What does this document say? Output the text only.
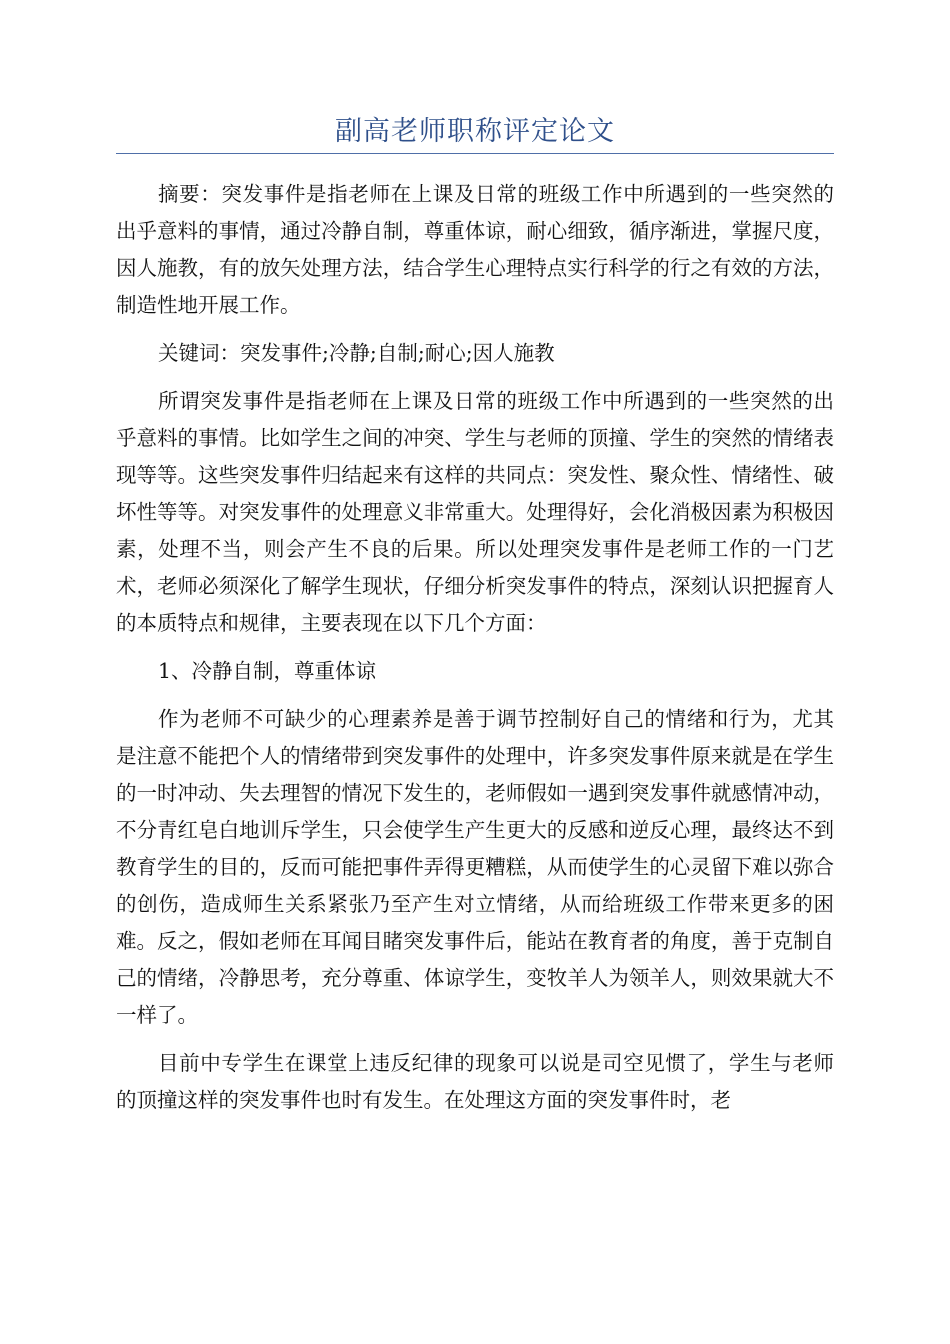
副高老师职称评定论文

摘要：突发事件是指老师在上课及日常的班级工作中所遇到的一些突然的出乎意料的事情，通过冷静自制，尊重体谅，耐心细致，循序渐进，掌握尺度，因人施教，有的放矢处理方法，结合学生心理特点实行科学的行之有效的方法，制造性地开展工作。

关键词：突发事件;冷静;自制;耐心;因人施教

所谓突发事件是指老师在上课及日常的班级工作中所遇到的一些突然的出乎意料的事情。比如学生之间的冲突、学生与老师的顶撞、学生的突然的情绪表现等等。这些突发事件归结起来有这样的共同点：突发性、聚众性、情绪性、破坏性等等。对突发事件的处理意义非常重大。处理得好，会化消极因素为积极因素，处理不当，则会产生不良的后果。所以处理突发事件是老师工作的一门艺术，老师必须深化了解学生现状，仔细分析突发事件的特点，深刻认识把握育人的本质特点和规律，主要表现在以下几个方面：

1、冷静自制，尊重体谅

作为老师不可缺少的心理素养是善于调节控制好自己的情绪和行为，尤其是注意不能把个人的情绪带到突发事件的处理中，许多突发事件原来就是在学生的一时冲动、失去理智的情况下发生的，老师假如一遇到突发事件就感情冲动，不分青红皂白地训斥学生，只会使学生产生更大的反感和逆反心理，最终达不到教育学生的目的，反而可能把事件弄得更糟糕，从而使学生的心灵留下难以弥合的创伤，造成师生关系紧张乃至产生对立情绪，从而给班级工作带来更多的困难。反之，假如老师在耳闻目睹突发事件后，能站在教育者的角度，善于克制自己的情绪，冷静思考，充分尊重、体谅学生，变牧羊人为领羊人，则效果就大不一样了。

目前中专学生在课堂上违反纪律的现象可以说是司空见惯了，学生与老师的顶撞这样的突发事件也时有发生。在处理这方面的突发事件时，老
